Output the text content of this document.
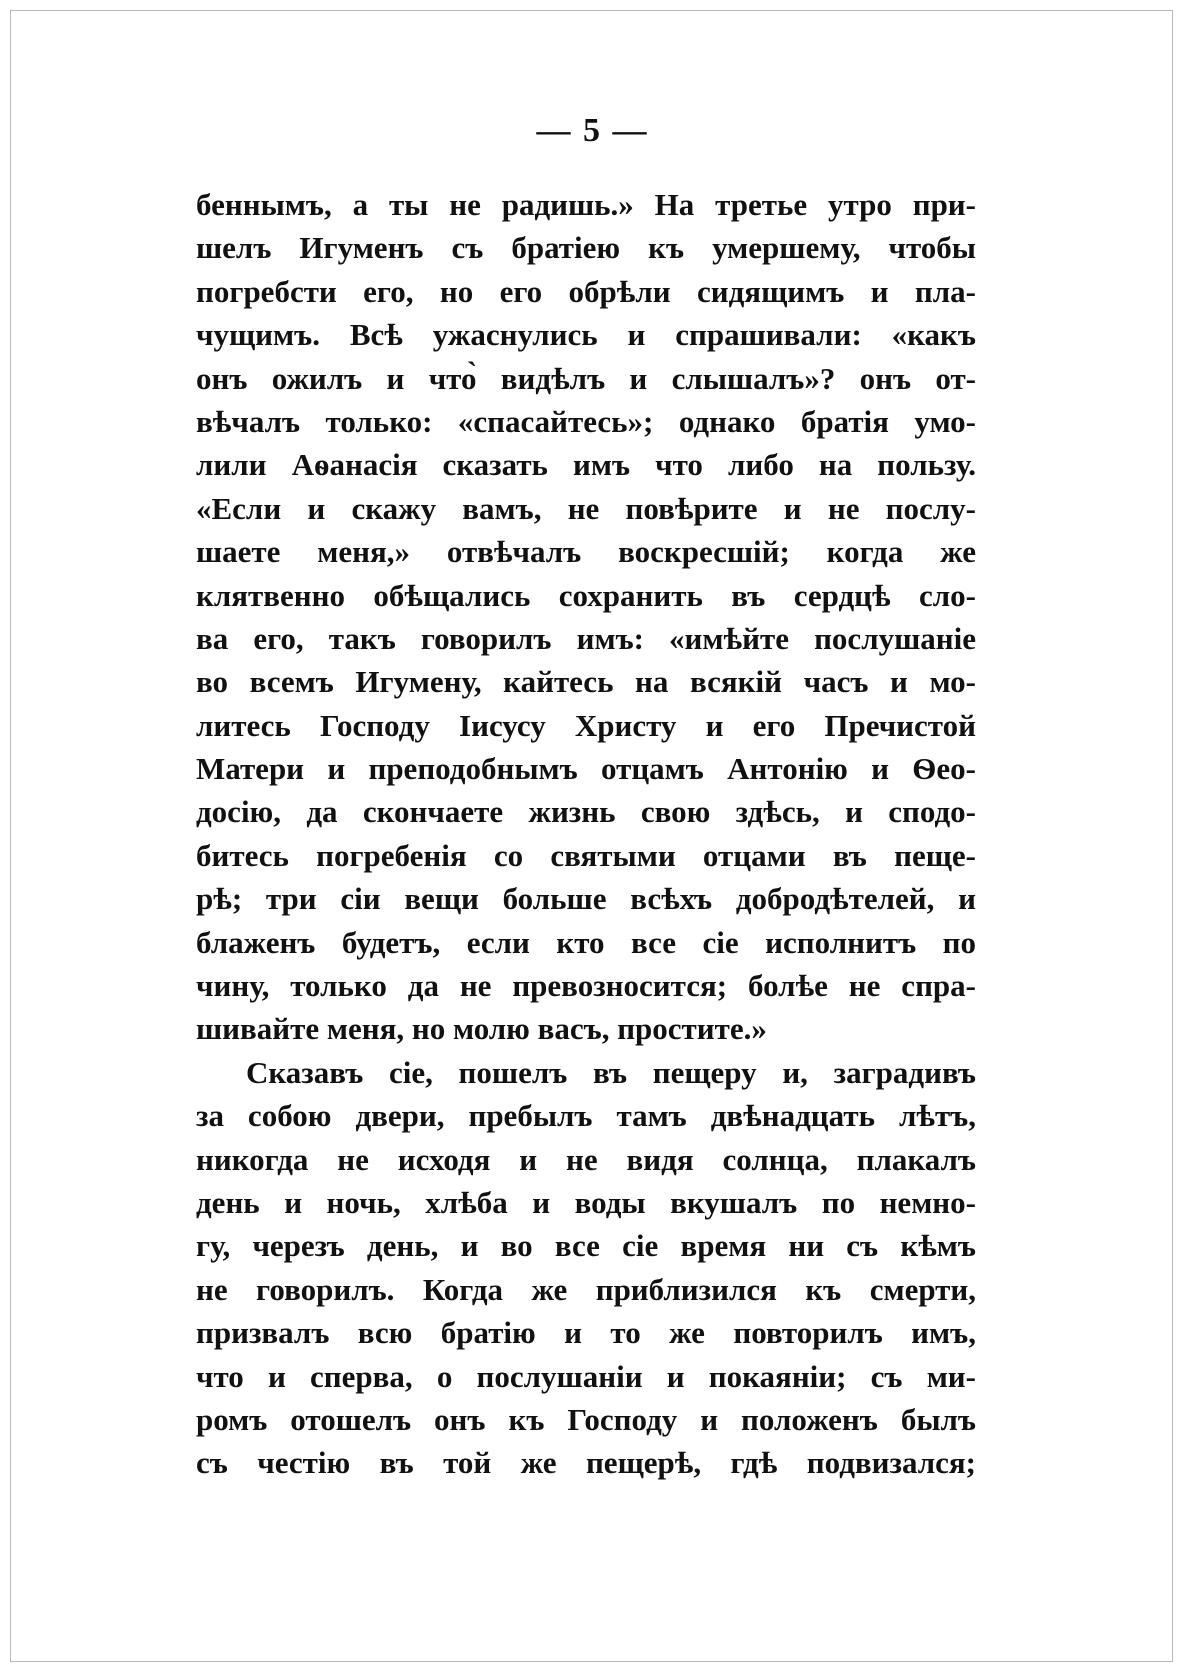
— 5 —
беннымъ, а ты не радишь.» На третье утро при-
шелъ Игуменъ съ братіею къ умершему, чтобы
погребсти его, но его обрѣли сидящимъ и пла-
чущимъ. Всѣ ужаснулись и спрашивали: «какъ
онъ ожилъ и что̀ видѣлъ и слышалъ»? онъ от-
вѣчалъ только: «спасайтесь»; однако братія умо-
лили Аѳанасія сказать имъ что либо на пользу.
«Если и скажу вамъ, не повѣрите и не послу-
шаете меня,» отвѣчалъ воскресшій; когда же
клятвенно обѣщались сохранить въ сердцѣ сло-
ва его, такъ говорилъ имъ: «имѣйте послушаніе
во всемъ Игумену, кайтесь на всякій часъ и мо-
литесь Господу Іисусу Христу и его Пречистой
Матери и преподобнымъ отцамъ Антонію и Ѳео-
досію, да скончаете жизнь свою здѣсь, и сподо-
битесь погребенія со святыми отцами въ пеще-
рѣ; три сіи вещи больше всѣхъ добродѣтелей, и
блаженъ будетъ, если кто все сіе исполнитъ по
чину, только да не превозносится; болѣе не спра-
шивайте меня, но молю васъ, простите.»
Сказавъ сіе, пошелъ въ пещеру и, заградивъ
за собою двери, пребылъ тамъ двѣнадцать лѣтъ,
никогда не исходя и не видя солнца, плакалъ
день и ночь, хлѣба и воды вкушалъ по немно-
гу, черезъ день, и во все сіе время ни съ кѣмъ
не говорилъ. Когда же приблизился къ смерти,
призвалъ всю братію и то же повторилъ имъ,
что и сперва, о послушаніи и покаяніи; съ ми-
ромъ отошелъ онъ къ Господу и положенъ былъ
съ честію въ той же пещерѣ, гдѣ подвизался;
